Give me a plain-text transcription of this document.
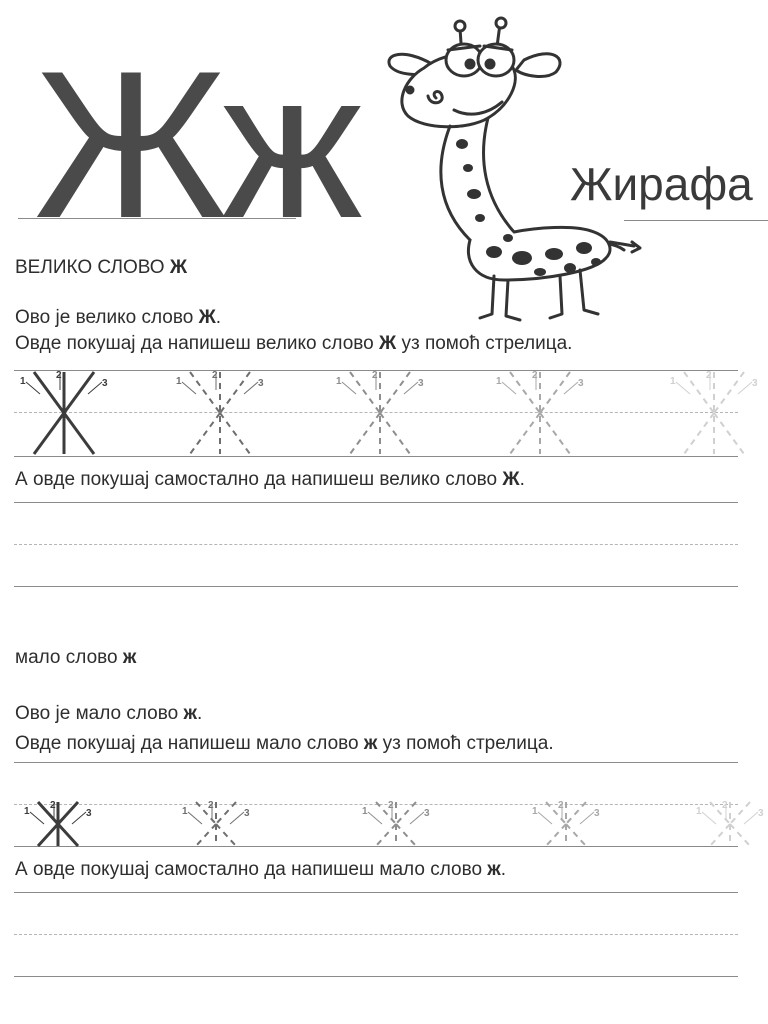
Жж	Жирафа
ВЕЛИКО СЛОВО Ж
Ово је велико слово Ж.
Овде покушај да напишеш велико слово Ж уз помоћ стрелица.
1
2
3	1
2
3	1
2
3	1
2
3	1
2
3
А овде покушај самостално да напишеш велико слово Ж.
мало слово ж
Ово је мало слово ж.
Овде покушај да напишеш мало слово ж уз помоћ стрелица.
1
2
3	1
2
3	1
2
3	1
2
3	1
2
3
А овде покушај самостално да напишеш мало слово ж.
